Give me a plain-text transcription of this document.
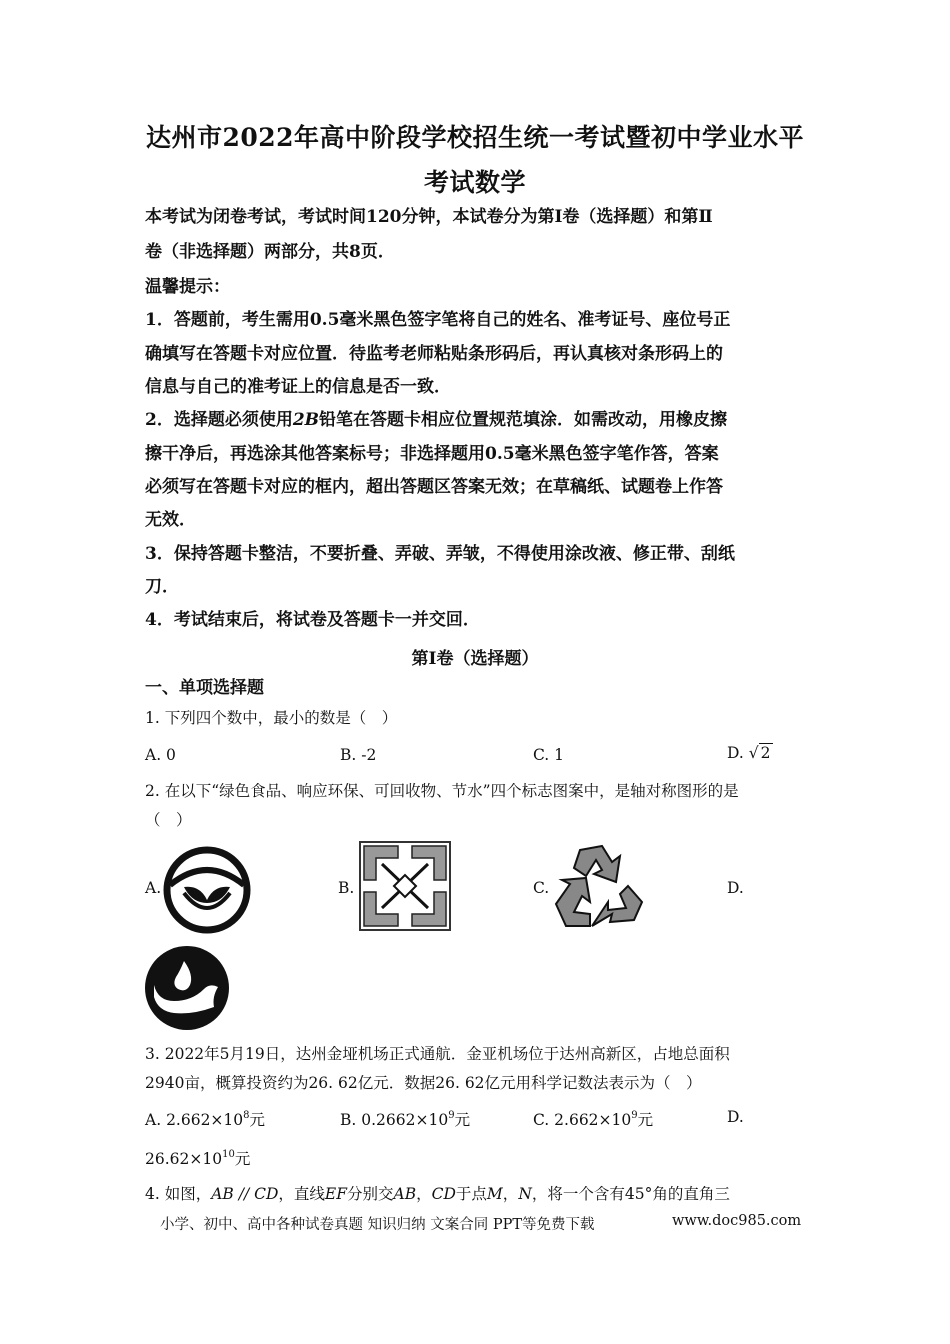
达州市2022年高中阶段学校招生统一考试暨初中学业水平
考试数学
本考试为闭卷考试，考试时间120分钟，本试卷分为第Ⅰ卷（选择题）和第Ⅱ
卷（非选择题）两部分，共8页．
温馨提示：
1．答题前，考生需用0.5毫米黑色签字笔将自己的姓名、准考证号、座位号正
确填写在答题卡对应位置．待监考老师粘贴条形码后，再认真核对条形码上的
信息与自己的准考证上的信息是否一致．
2．选择题必须使用2B铅笔在答题卡相应位置规范填涂．如需改动，用橡皮擦
擦干净后，再选涂其他答案标号；非选择题用0.5毫米黑色签字笔作答，答案
必须写在答题卡对应的框内，超出答题区答案无效；在草稿纸、试题卷上作答
无效．
3．保持答题卡整洁，不要折叠、弄破、弄皱，不得使用涂改液、修正带、刮纸
刀．
4．考试结束后，将试卷及答题卡一并交回．
第Ⅰ卷（选择题）
一、单项选择题
1. 下列四个数中，最小的数是（　）
A. 0	B. -2	C. 1	D. √ 2
2. 在以下“绿色食品、响应环保、可回收物、节水”四个标志图案中，是轴对称图形的是
（　）
A.	B.	C.	D.
3. 2022年5月19日，达州金垭机场正式通航．金亚机场位于达州高新区，占地总面积
2940亩，概算投资约为26. 62亿元．数据26. 62亿元用科学记数法表示为（　）
A. $2.662\times 10^8$元	B. $0.2662\times 10^9$元	C. $2.662\times 10^9$元	D.
$26.62\times 10^{10}$元
4. 如图，AB // CD，直线EF分别交AB，CD于点M，N，将一个含有45°角的直角三
小学、初中、高中各种试卷真题 知识归纳 文案合同 PPT等免费下载	www.doc985.com
